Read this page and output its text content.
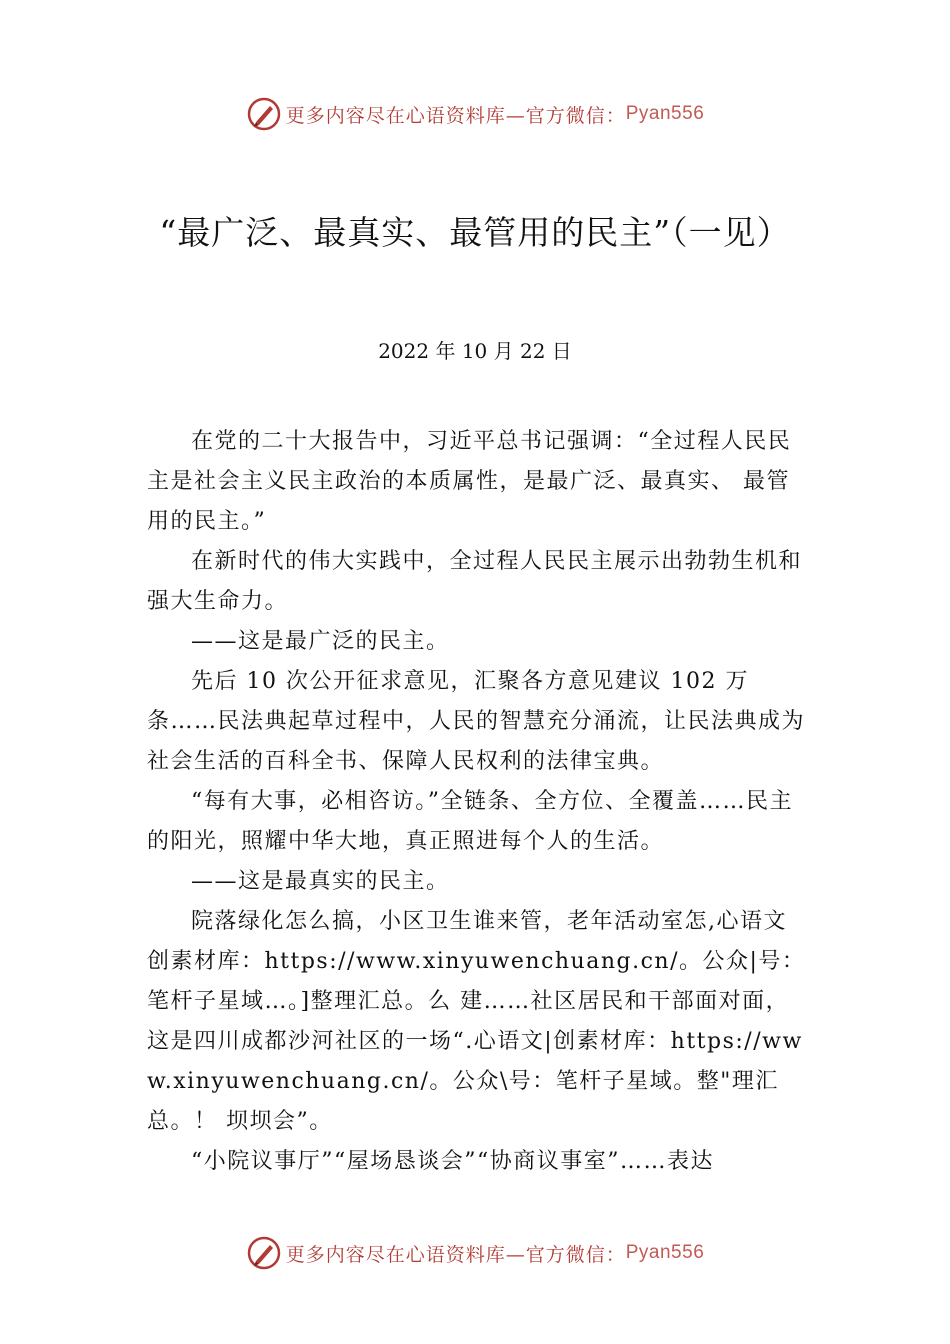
更多内容尽在心语资料库—官方微信： Pyan556
“最广泛、最真实、最管用的民主”（一见）
2022 年 10 月 22 日

在党的二十大报告中，习近平总书记强调：“全过程人民民主是社会主义民主政治的本质属性，是最广泛、最真实、 最管用的民主。”

在新时代的伟大实践中，全过程人民民主展示出勃勃生机和强大生命力。

——这是最广泛的民主。

先后 10 次公开征求意见，汇聚各方意见建议 102 万条……民法典起草过程中，人民的智慧充分涌流，让民法典成为社会生活的百科全书、保障人民权利的法律宝典。

“每有大事，必相咨访。”全链条、全方位、全覆盖……民主的阳光，照耀中华大地，真正照进每个人的生活。

——这是最真实的民主。

院落绿化怎么搞，小区卫生谁来管，老年活动室怎,心语文创素材库：https://www.xinyuwenchuang.cn/。公众|号：笔杆子星域…。]整理汇总。么 建……社区居民和干部面对面，这是四川成都沙河社区的一场“.心语文|创素材库：https://www.xinyuwenchuang.cn/。公众\号：笔杆子星域。整"理汇总。！ 坝坝会”。

“小院议事厅”“屋场恳谈会”“协商议事室”……表达

更多内容尽在心语资料库—官方微信： Pyan556
